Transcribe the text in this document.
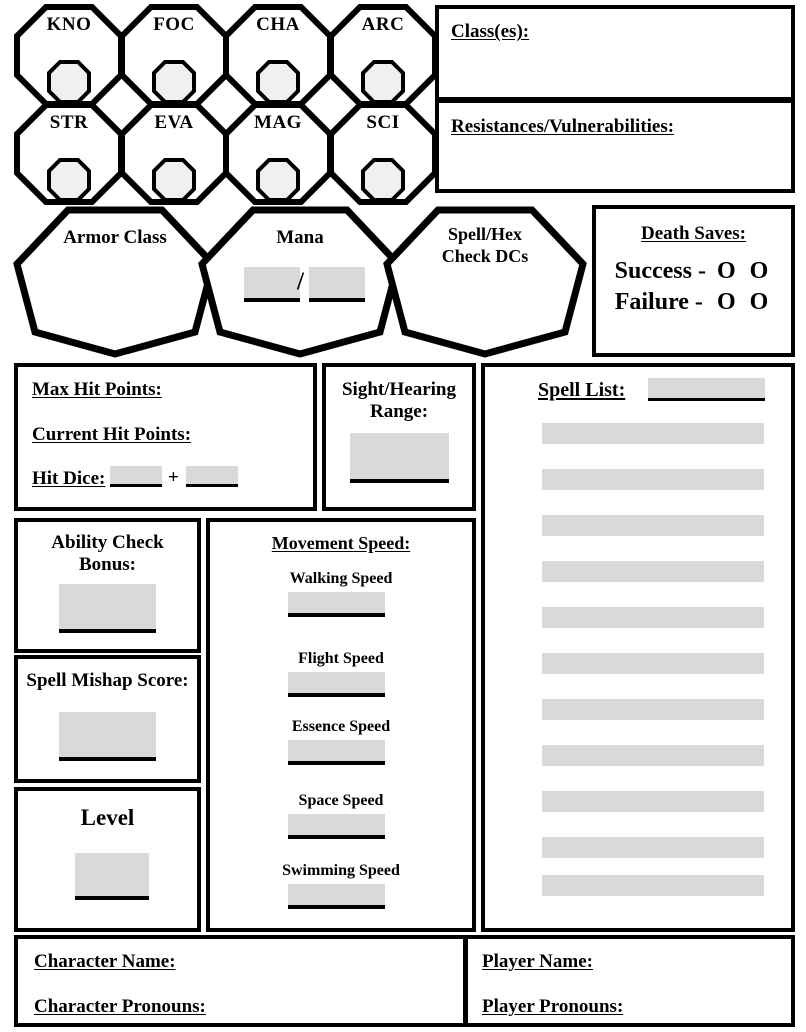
KNO	FOC	CHA	ARC
STR	EVA	MAG	SCI
Class(es):
Resistances/Vulnerabilities:
Armor Class	Mana
/
Spell/Hex
Check DCs
Death Saves:
Success - O O
Failure - O O
Max Hit Points:
Current Hit Points:
Hit Dice:	+
Sight/Hearing
Range:
Spell List:
Ability Check
Bonus:
Spell Mishap Score:
Level
Movement Speed:
Walking Speed
Flight Speed
Essence Speed
Space Speed
Swimming Speed
Character Name:
Character Pronouns:
Player Name:
Player Pronouns:
